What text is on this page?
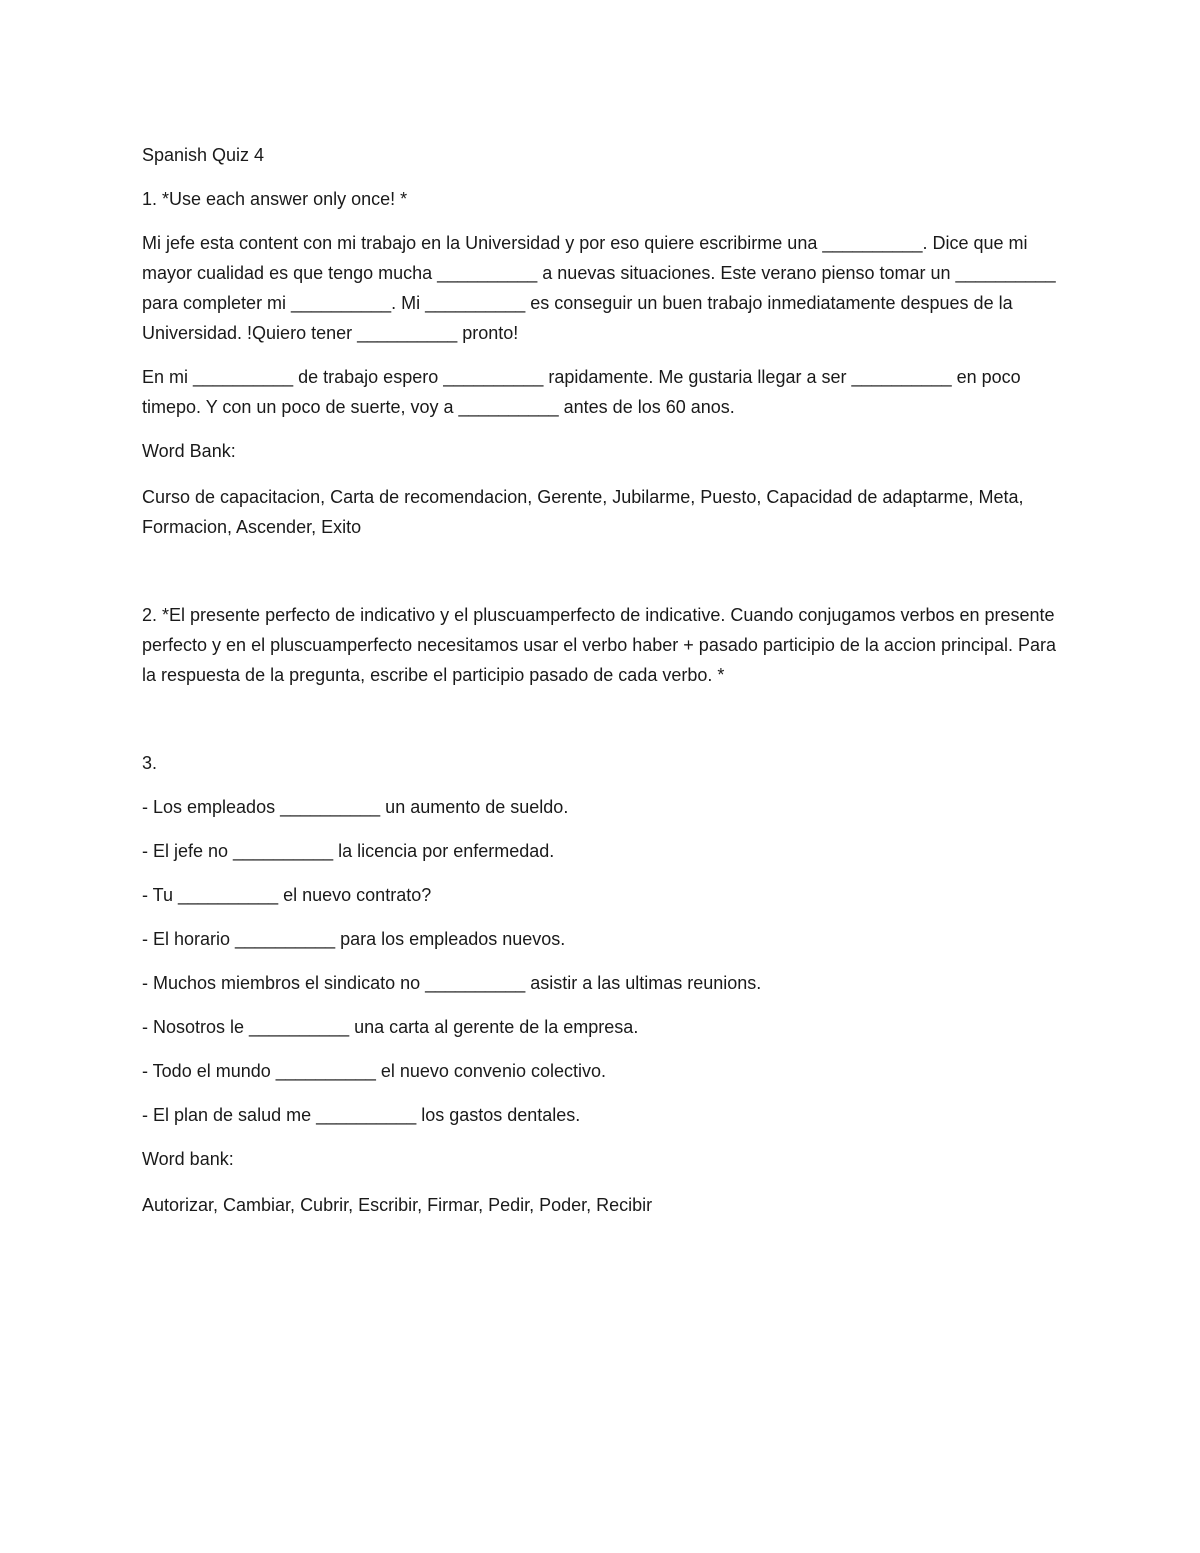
Spanish Quiz 4

1. *Use each answer only once! *

Mi jefe esta content con mi trabajo en la Universidad y por eso quiere escribirme una __________. Dice que mi mayor cualidad es que tengo mucha __________ a nuevas situaciones. Este verano pienso tomar un __________ para completer mi __________. Mi __________ es conseguir un buen trabajo inmediatamente despues de la Universidad. !Quiero tener __________ pronto!

En mi __________ de trabajo espero __________ rapidamente. Me gustaria llegar a ser __________ en poco timepo. Y con un poco de suerte, voy a __________ antes de los 60 anos.

Word Bank:

Curso de capacitacion, Carta de recomendacion, Gerente, Jubilarme, Puesto, Capacidad de adaptarme, Meta, Formacion, Ascender, Exito

2. *El presente perfecto de indicativo y el pluscuamperfecto de indicative. Cuando conjugamos verbos en presente perfecto y en el pluscuamperfecto necesitamos usar el verbo haber + pasado participio de la accion principal. Para la respuesta de la pregunta, escribe el participio pasado de cada verbo. *

3.

- Los empleados __________ un aumento de sueldo.

- El jefe no __________ la licencia por enfermedad.

- Tu __________ el nuevo contrato?

- El horario __________ para los empleados nuevos.

- Muchos miembros el sindicato no __________ asistir a las ultimas reunions.

- Nosotros le __________ una carta al gerente de la empresa.

- Todo el mundo __________ el nuevo convenio colectivo.

- El plan de salud me __________ los gastos dentales.

Word bank:

Autorizar, Cambiar, Cubrir, Escribir, Firmar, Pedir, Poder, Recibir
